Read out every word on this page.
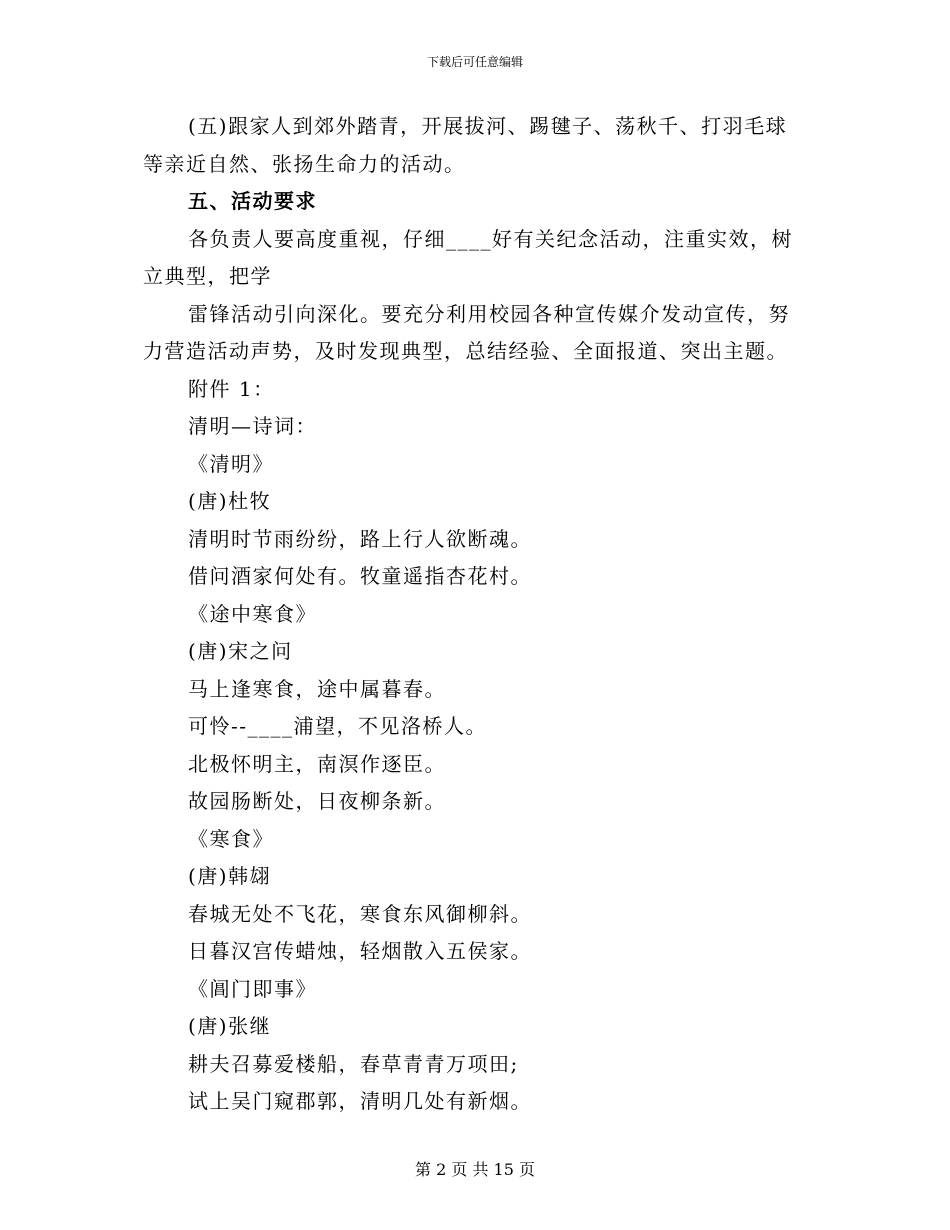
下载后可任意编辑
(五)跟家人到郊外踏青，开展拔河、踢毽子、荡秋千、打羽毛球
等亲近自然、张扬生命力的活动。
五、活动要求
各负责人要高度重视，仔细____好有关纪念活动，注重实效，树
立典型，把学
雷锋活动引向深化。要充分利用校园各种宣传媒介发动宣传，努
力营造活动声势，及时发现典型，总结经验、全面报道、突出主题。
附件 1：
清明—诗词：
《清明》
(唐)杜牧
清明时节雨纷纷，路上行人欲断魂。
借问酒家何处有。牧童遥指杏花村。
《途中寒食》
(唐)宋之问
马上逢寒食，途中属暮春。
可怜--____浦望，不见洛桥人。
北极怀明主，南溟作逐臣。
故园肠断处，日夜柳条新。
《寒食》
(唐)韩翃
春城无处不飞花，寒食东风御柳斜。
日暮汉宫传蜡烛，轻烟散入五侯家。
《阊门即事》
(唐)张继
耕夫召募爱楼船，春草青青万项田;
试上吴门窥郡郭，清明几处有新烟。
第 2 页 共 15 页
